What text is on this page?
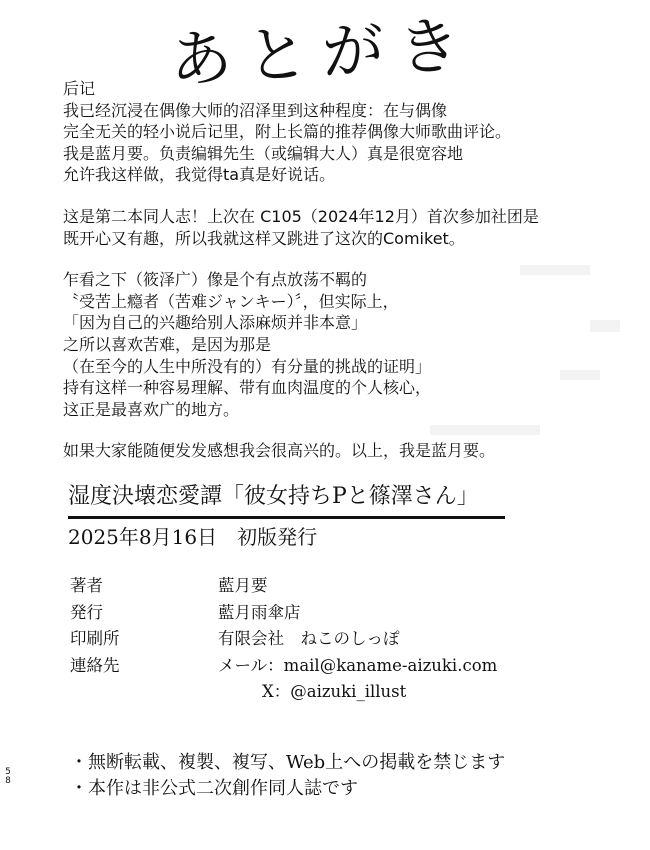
あとがき
后记
我已经沉浸在偶像大师的沼泽里到这种程度：在与偶像
完全无关的轻小说后记里，附上长篇的推荐偶像大师歌曲评论。
我是蓝月要。负责编辑先生（或编辑大人）真是很宽容地
允许我这样做，我觉得ta真是好说话。
这是第二本同人志！上次在 C105（2024年12月）首次参加社团是
既开心又有趣，所以我就这样又跳进了这次的Comiket。
乍看之下（筱泽广）像是个有点放荡不羁的
〝受苦上瘾者（苦难ジャンキー）〞，但实际上，
「因为自己的兴趣给别人添麻烦并非本意」
之所以喜欢苦难，是因为那是
（在至今的人生中所没有的）有分量的挑战的证明」
持有这样一种容易理解、带有血肉温度的个人核心，
这正是最喜欢广的地方。
如果大家能随便发发感想我会很高兴的。以上，我是蓝月要。
湿度決壊恋愛譚「彼女持ちPと篠澤さん」
2025年8月16日　初版発行
著者	藍月要
発行	藍月雨傘店
印刷所	有限会社　ねこのしっぽ
連絡先	メール：mail@kaname-aizuki.com
X：@aizuki_illust
・無断転載、複製、複写、Web上への掲載を禁じます
・本作は非公式二次創作同人誌です
58
